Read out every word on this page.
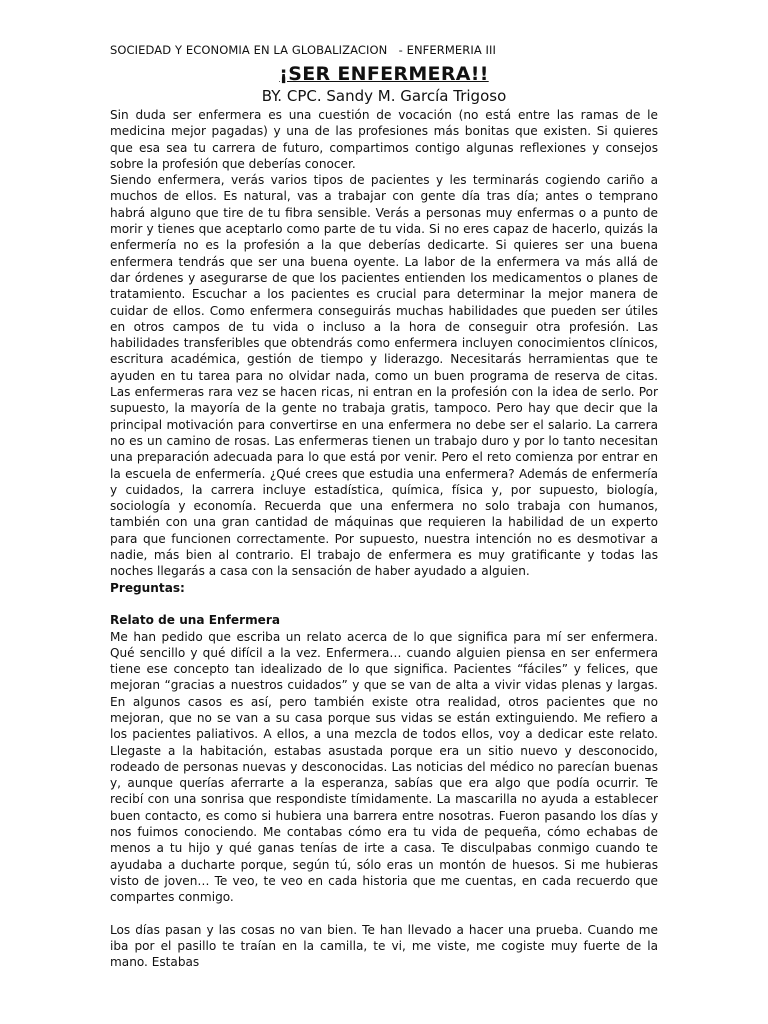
SOCIEDAD Y ECONOMIA EN LA GLOBALIZACION   - ENFERMERIA III
¡SER ENFERMERA!!
BY. CPC. Sandy M. García Trigoso

Sin duda ser enfermera es una cuestión de vocación (no está entre las ramas de le medicina mejor pagadas) y una de las profesiones más bonitas que existen. Si quieres que esa sea tu carrera de futuro, compartimos contigo algunas reflexiones y consejos sobre la profesión que deberías conocer.

Siendo enfermera, verás varios tipos de pacientes y les terminarás cogiendo cariño a muchos de ellos. Es natural, vas a trabajar con gente día tras día; antes o temprano habrá alguno que tire de tu fibra sensible. Verás a personas muy enfermas o a punto de morir y tienes que aceptarlo como parte de tu vida. Si no eres capaz de hacerlo, quizás la enfermería no es la profesión a la que deberías dedicarte. Si quieres ser una buena enfermera tendrás que ser una buena oyente. La labor de la enfermera va más allá de dar órdenes y asegurarse de que los pacientes entienden los medicamentos o planes de tratamiento. Escuchar a los pacientes es crucial para determinar la mejor manera de cuidar de ellos. Como enfermera conseguirás muchas habilidades que pueden ser útiles en otros campos de tu vida o incluso a la hora de conseguir otra profesión. Las habilidades transferibles que obtendrás como enfermera incluyen conocimientos clínicos, escritura académica, gestión de tiempo y liderazgo. Necesitarás herramientas que te ayuden en tu tarea para no olvidar nada, como un buen programa de reserva de citas. Las enfermeras rara vez se hacen ricas, ni entran en la profesión con la idea de serlo. Por supuesto, la mayoría de la gente no trabaja gratis, tampoco. Pero hay que decir que la principal motivación para convertirse en una enfermera no debe ser el salario. La carrera no es un camino de rosas. Las enfermeras tienen un trabajo duro y por lo tanto necesitan una preparación adecuada para lo que está por venir. Pero el reto comienza por entrar en la escuela de enfermería. ¿Qué crees que estudia una enfermera? Además de enfermería y cuidados, la carrera incluye estadística, química, física y, por supuesto, biología, sociología y economía. Recuerda que una enfermera no solo trabaja con humanos, también con una gran cantidad de máquinas que requieren la habilidad de un experto para que funcionen correctamente. Por supuesto, nuestra intención no es desmotivar a nadie, más bien al contrario. El trabajo de enfermera es muy gratificante y todas las noches llegarás a casa con la sensación de haber ayudado a alguien.

Preguntas:

Relato de una Enfermera

Me han pedido que escriba un relato acerca de lo que significa para mí ser enfermera. Qué sencillo y qué difícil a la vez. Enfermera… cuando alguien piensa en ser enfermera tiene ese concepto tan idealizado de lo que significa. Pacientes “fáciles” y felices, que mejoran “gracias a nuestros cuidados” y que se van de alta a vivir vidas plenas y largas. En algunos casos es así, pero también existe otra realidad, otros pacientes que no mejoran, que no se van a su casa porque sus vidas se están extinguiendo. Me refiero a los pacientes paliativos. A ellos, a una mezcla de todos ellos, voy a dedicar este relato. Llegaste a la habitación, estabas asustada porque era un sitio nuevo y desconocido, rodeado de personas nuevas y desconocidas. Las noticias del médico no parecían buenas y, aunque querías aferrarte a la esperanza, sabías que era algo que podía ocurrir. Te recibí con una sonrisa que respondiste tímidamente. La mascarilla no ayuda a establecer buen contacto, es como si hubiera una barrera entre nosotras. Fueron pasando los días y nos fuimos conociendo. Me contabas cómo era tu vida de pequeña, cómo echabas de menos a tu hijo y qué ganas tenías de irte a casa. Te disculpabas conmigo cuando te ayudaba a ducharte porque, según tú, sólo eras un montón de huesos. Si me hubieras visto de joven… Te veo, te veo en cada historia que me cuentas, en cada recuerdo que compartes conmigo.

Los días pasan y las cosas no van bien. Te han llevado a hacer una prueba. Cuando me iba por el pasillo te traían en la camilla, te vi, me viste, me cogiste muy fuerte de la mano. Estabas
